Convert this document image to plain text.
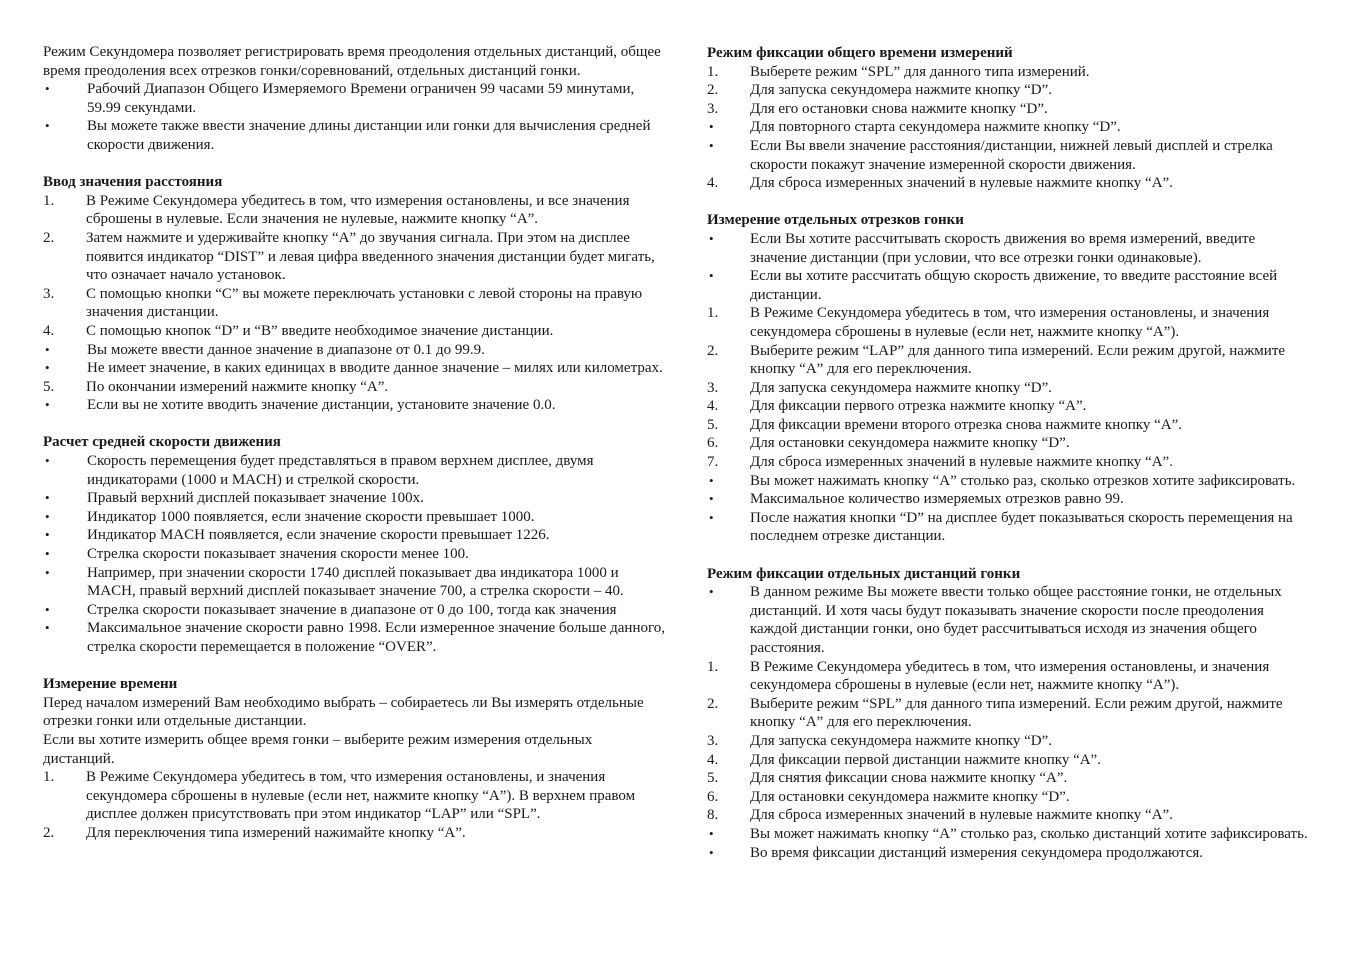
Режим Секундомера позволяет регистрировать время преодоления отдельных дистанций, общее время преодоления всех отрезков гонки/соревнований, отдельных дистанций гонки.

• Рабочий Диапазон Общего Измеряемого Времени ограничен 99 часами 59 минутами, 59.99 секундами.
• Вы можете также ввести значение длины дистанции или гонки для вычисления средней скорости движения.

Ввод значения расстояния

1. В Режиме Секундомера убедитесь в том, что измерения остановлены, и все значения сброшены в нулевые. Если значения не нулевые, нажмите кнопку “A”.
2. Затем нажмите и удерживайте кнопку “A” до звучания сигнала. При этом на дисплее появится индикатор “DIST” и левая цифра введенного значения дистанции будет мигать, что означает начало установок.
3. С помощью кнопки “C” вы можете переключать установки с левой стороны на правую значения дистанции.
4. С помощью кнопок “D” и “B” введите необходимое значение дистанции.
• Вы можете ввести данное значение в диапазоне от 0.1 до 99.9.
• Не имеет значение, в каких единицах в вводите данное значение – милях или километрах.
5. По окончании измерений нажмите кнопку “A”.
• Если вы не хотите вводить значение дистанции, установите значение 0.0.

Расчет средней скорости движения

• Скорость перемещения будет представляться в правом верхнем дисплее, двумя индикаторами (1000 и MACH) и стрелкой скорости.
• Правый верхний дисплей показывает значение 100x.
• Индикатор 1000 появляется, если значение скорости превышает 1000.
• Индикатор MACH появляется, если значение скорости превышает 1226.
• Стрелка скорости показывает значения скорости менее 100.
• Например, при значении скорости 1740 дисплей показывает два индикатора 1000 и MACH, правый верхний дисплей показывает значение 700, а стрелка скорости – 40.
• Стрелка скорости показывает значение в диапазоне от 0 до 100, тогда как значения
• Максимальное значение скорости равно 1998. Если измеренное значение больше данного, стрелка скорости перемещается в положение “OVER”.

Измерение времени

Перед началом измерений Вам необходимо выбрать – собираетесь ли Вы измерять отдельные отрезки гонки или отдельные дистанции.

Если вы хотите измерить общее время гонки – выберите режим измерения отдельных дистанций.

1. В Режиме Секундомера убедитесь в том, что измерения остановлены, и значения секундомера сброшены в нулевые (если нет, нажмите кнопку “A”). В верхнем правом дисплее должен присутствовать при этом индикатор “LAP” или “SPL”.
2. Для переключения типа измерений нажимайте кнопку “A”.

Режим фиксации общего времени измерений

1. Выберете режим “SPL” для данного типа измерений.
2. Для запуска секундомера нажмите кнопку “D”.
3. Для его остановки снова нажмите кнопку “D”.
• Для повторного старта секундомера нажмите кнопку “D”.
• Если Вы ввели значение расстояния/дистанции, нижней левый дисплей и стрелка скорости покажут значение измеренной скорости движения.
4. Для сброса измеренных значений в нулевые нажмите кнопку “A”.

Измерение отдельных отрезков гонки

• Если Вы хотите рассчитывать скорость движения во время измерений, введите значение дистанции (при условии, что все отрезки гонки одинаковые).
• Если вы хотите рассчитать общую скорость движение, то введите расстояние всей дистанции.
1. В Режиме Секундомера убедитесь в том, что измерения остановлены, и значения секундомера сброшены в нулевые (если нет, нажмите кнопку “A”).
2. Выберите режим “LAP” для данного типа измерений. Если режим другой, нажмите кнопку “A” для его переключения.
3. Для запуска секундомера нажмите кнопку “D”.
4. Для фиксации первого отрезка нажмите кнопку “A”.
5. Для фиксации времени второго отрезка снова нажмите кнопку “A”.
6. Для остановки секундомера нажмите кнопку “D”.
7. Для сброса измеренных значений в нулевые нажмите кнопку “A”.
• Вы может нажимать кнопку “A” столько раз, сколько отрезков хотите зафиксировать.
• Максимальное количество измеряемых отрезков равно 99.
• После нажатия кнопки “D” на дисплее будет показываться скорость перемещения на последнем отрезке дистанции.

Режим фиксации отдельных дистанций гонки

• В данном режиме Вы можете ввести только общее расстояние гонки, не отдельных дистанций. И хотя часы будут показывать значение скорости после преодоления каждой дистанции гонки, оно будет рассчитываться исходя из значения общего расстояния.
1. В Режиме Секундомера убедитесь в том, что измерения остановлены, и значения секундомера сброшены в нулевые (если нет, нажмите кнопку “A”).
2. Выберите режим “SPL” для данного типа измерений. Если режим другой, нажмите кнопку “A” для его переключения.
3. Для запуска секундомера нажмите кнопку “D”.
4. Для фиксации первой дистанции нажмите кнопку “A”.
5. Для снятия фиксации снова нажмите кнопку “A”.
6. Для остановки секундомера нажмите кнопку “D”.
8. Для сброса измеренных значений в нулевые нажмите кнопку “A”.
• Вы может нажимать кнопку “A” столько раз, сколько дистанций хотите зафиксировать.
• Во время фиксации дистанций измерения секундомера продолжаются.
